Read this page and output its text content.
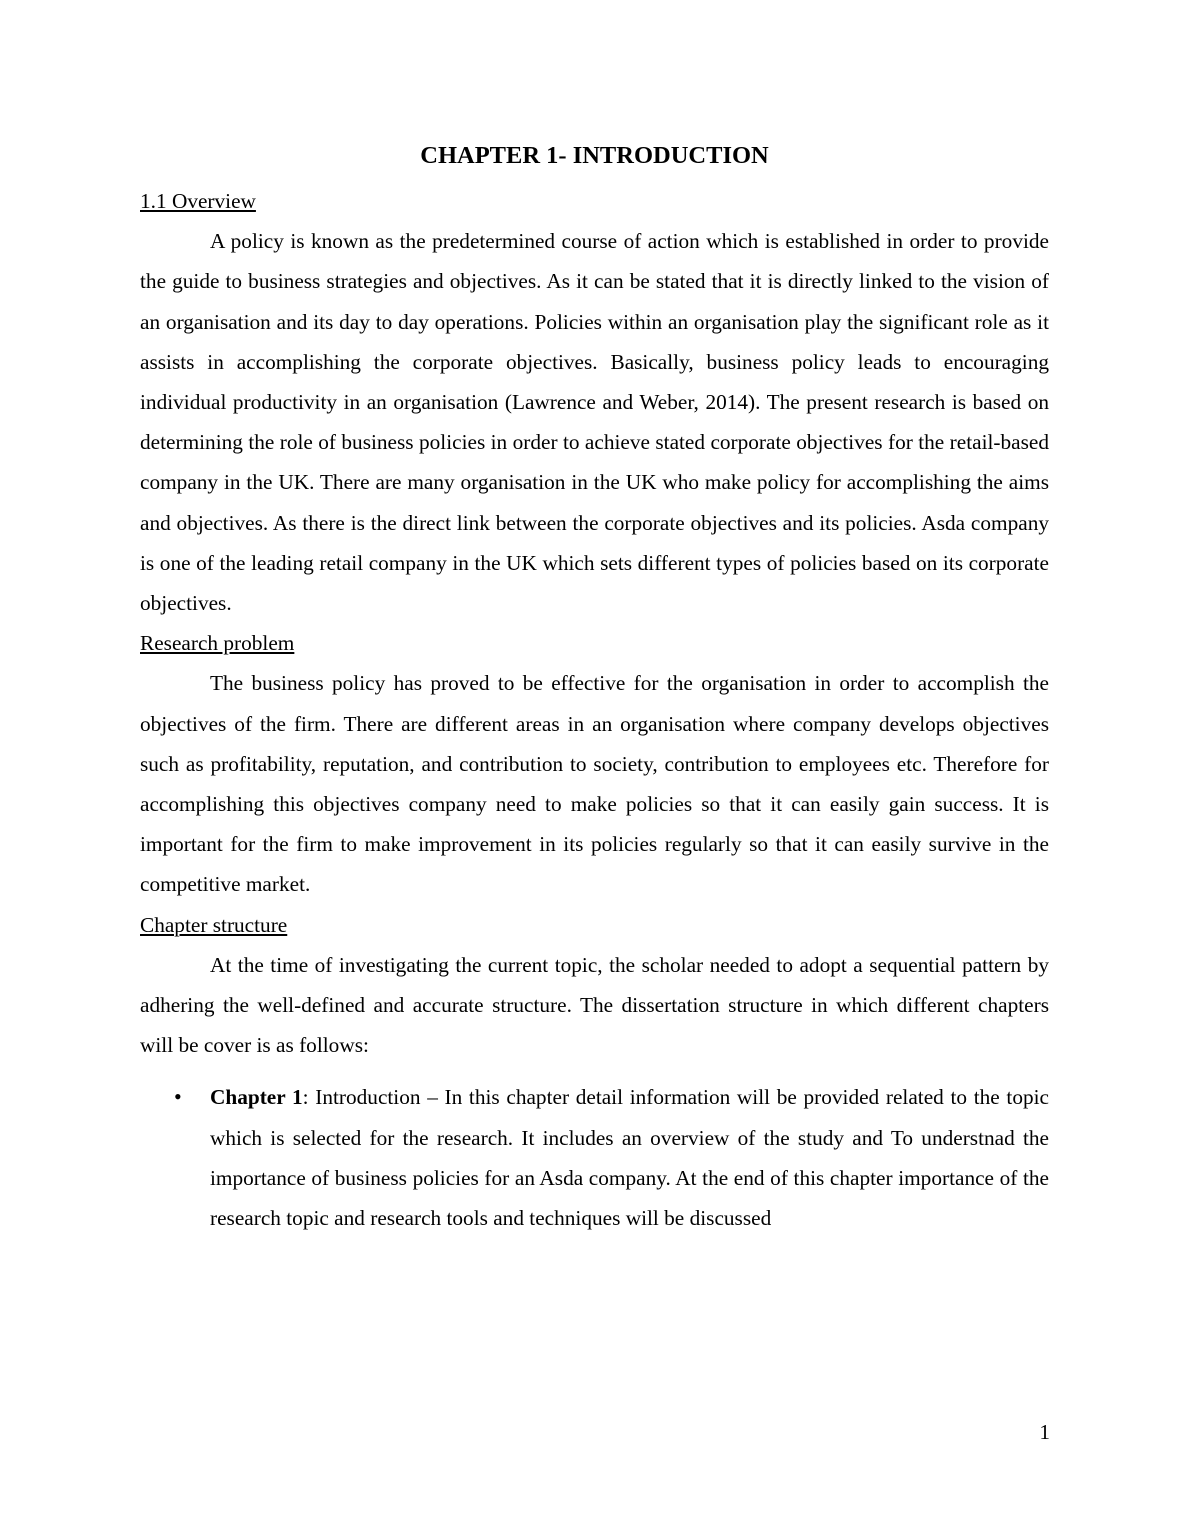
CHAPTER 1- INTRODUCTION
1.1 Overview

A policy is known as the predetermined course of action which is established in order to provide the guide to business strategies and objectives. As it can be stated that it is directly linked to the vision of an organisation and its day to day operations. Policies within an organisation play the significant role as it assists in accomplishing the corporate objectives. Basically, business policy leads to encouraging individual productivity in an organisation (Lawrence and Weber, 2014). The present research is based on determining the role of business policies in order to achieve stated corporate objectives for the retail-based company in the UK. There are many organisation in the UK who make policy for accomplishing the aims and objectives. As there is the direct link between the corporate objectives and its policies. Asda company is one of the leading retail company in the UK which sets different types of policies based on its corporate objectives.

Research problem

The business policy has proved to be effective for the organisation in order to accomplish the objectives of the firm. There are different areas in an organisation where company develops objectives such as profitability, reputation, and contribution to society, contribution to employees etc. Therefore for accomplishing this objectives company need to make policies so that it can easily gain success. It is important for the firm to make improvement in its policies regularly so that it can easily survive in the competitive market.

Chapter structure

At the time of investigating the current topic, the scholar needed to adopt a sequential pattern by adhering the well-defined and accurate structure. The dissertation structure in which different chapters will be cover is as follows:

• Chapter 1: Introduction – In this chapter detail information will be provided related to the topic which is selected for the research. It includes an overview of the study and To understnad the importance of business policies for an Asda company. At the end of this chapter importance of the research topic and research tools and techniques will be discussed
1
